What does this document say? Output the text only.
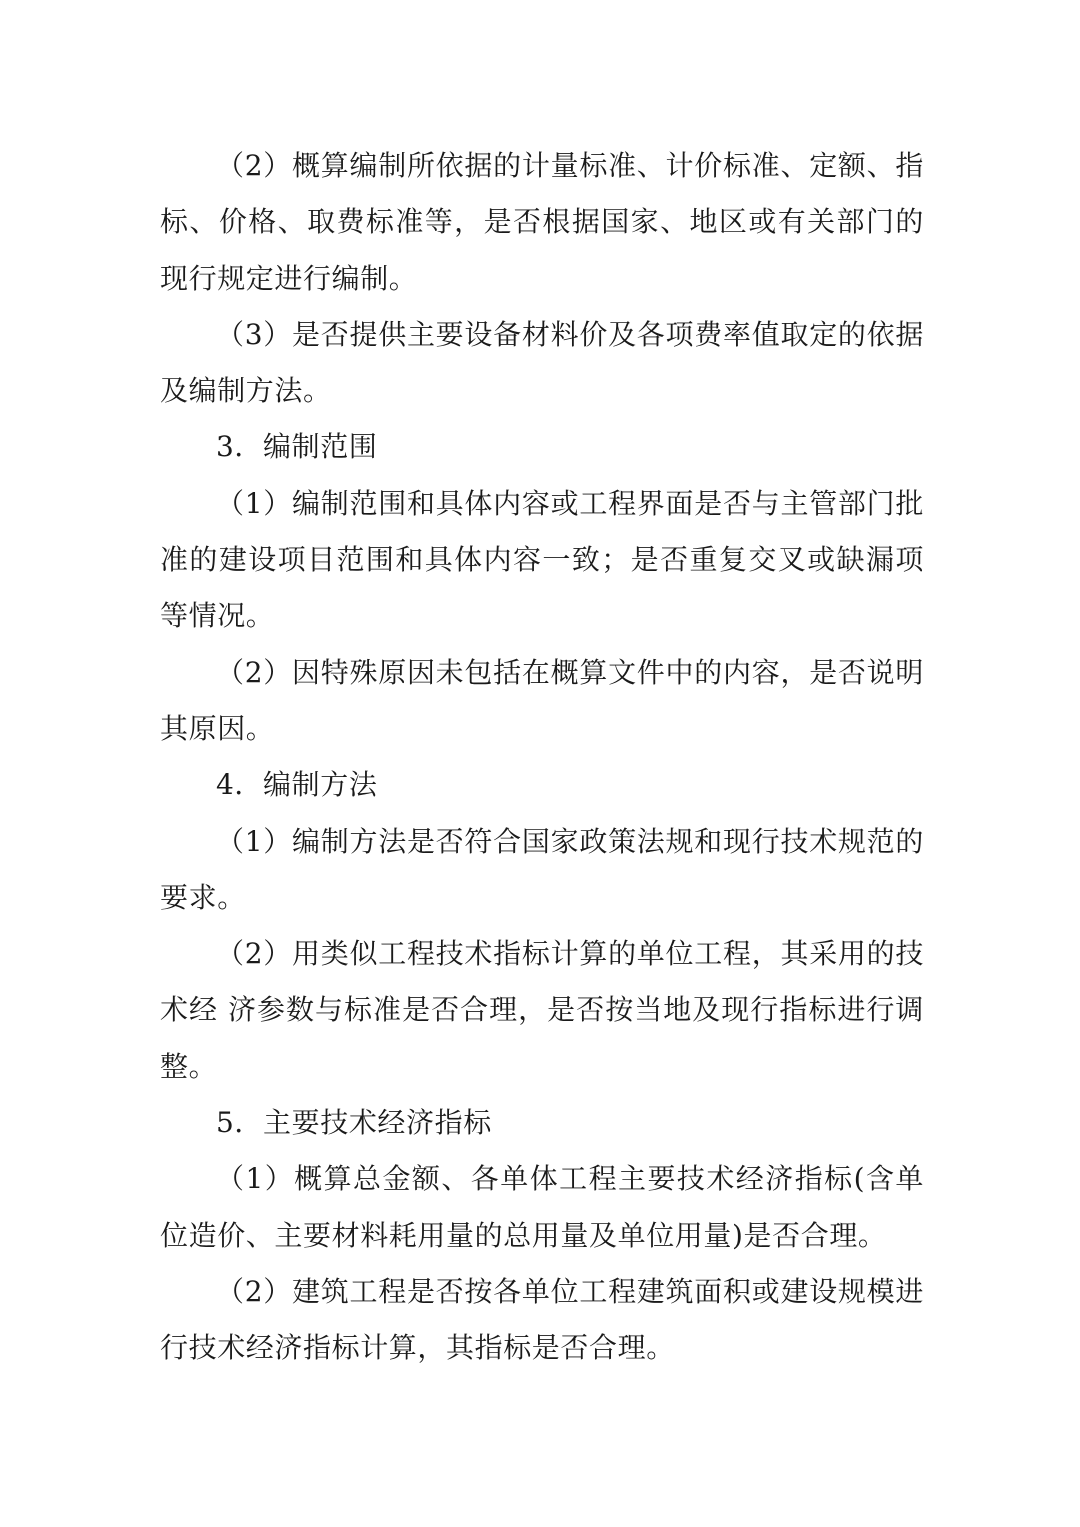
（2）概算编制所依据的计量标准、计价标准、定额、指标、价格、取费标准等，是否根据国家、地区或有关部门的现行规定进行编制。

（3）是否提供主要设备材料价及各项费率值取定的依据及编制方法。

3．编制范围

（1）编制范围和具体内容或工程界面是否与主管部门批准的建设项目范围和具体内容一致；是否重复交叉或缺漏项等情况。

（2）因特殊原因未包括在概算文件中的内容，是否说明其原因。

4．编制方法

（1）编制方法是否符合国家政策法规和现行技术规范的要求。

（2）用类似工程技术指标计算的单位工程，其采用的技术经 济参数与标准是否合理，是否按当地及现行指标进行调整。

5．主要技术经济指标

（1）概算总金额、各单体工程主要技术经济指标(含单位造价、主要材料耗用量的总用量及单位用量)是否合理。

（2）建筑工程是否按各单位工程建筑面积或建设规模进行技术经济指标计算，其指标是否合理。
